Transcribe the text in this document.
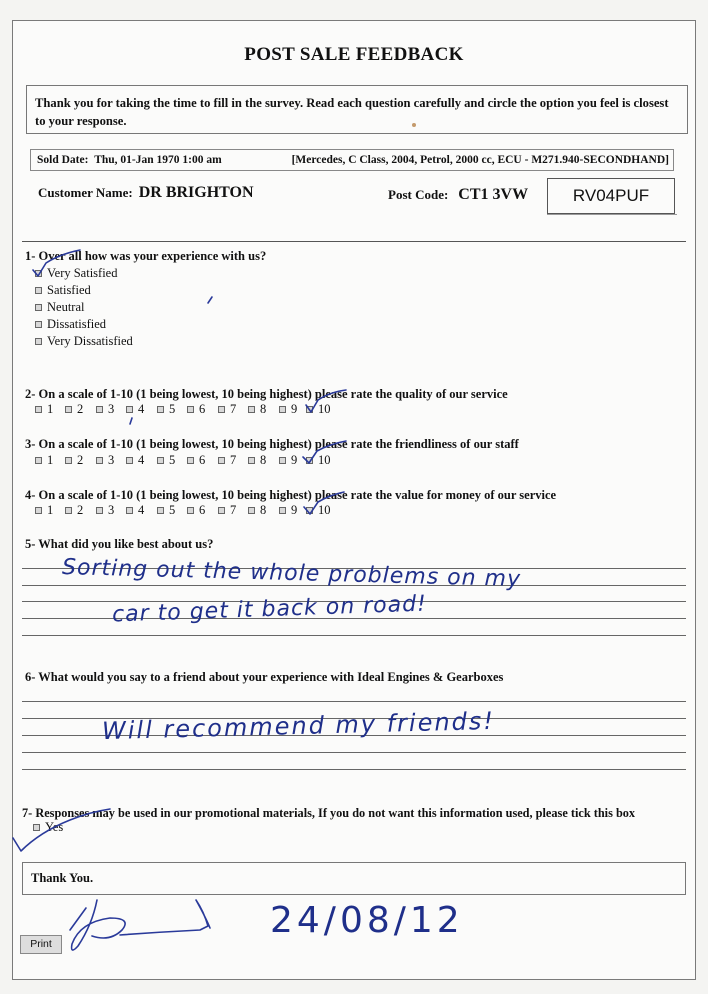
POST SALE FEEDBACK
Thank you for taking the time to fill in the survey. Read each question carefully and circle the option you feel is closest to your response.
Sold Date: Thu, 01-Jan 1970 1:00 am	[Mercedes, C Class, 2004, Petrol, 2000 cc, ECU - M271.940-SECONDHAND]
Customer Name: DR BRIGHTON	Post Code: CT1 3VW	RV04PUF
1- Over all how was your experience with us?
Very Satisfied
Satisfied
Neutral
Dissatisfied
Very Dissatisfied
2- On a scale of 1-10 (1 being lowest, 10 being highest) please rate the quality of our service
1 2 3 4 5 6 7 8 9 10
3- On a scale of 1-10 (1 being lowest, 10 being highest) please rate the friendliness of our staff
1 2 3 4 5 6 7 8 9 10
4- On a scale of 1-10 (1 being lowest, 10 being highest) please rate the value for money of our service
1 2 3 4 5 6 7 8 9 10
5- What did you like best about us?
Sorting out the whole problems on my
car to get it back on road!
6- What would you say to a friend about your experience with Ideal Engines & Gearboxes
Will recommend my friends!
7- Responses may be used in our promotional materials, If you do not want this information used, please tick this box
Yes
Thank You.
24/08/12
Print
